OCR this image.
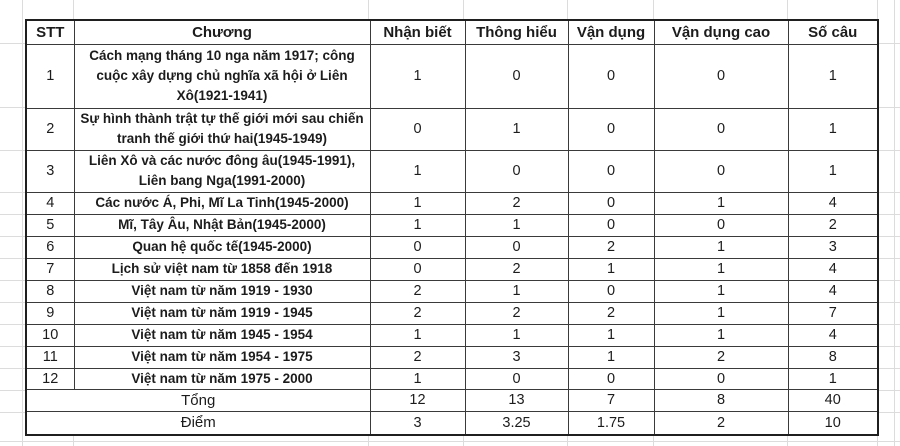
STT	Chương	Nhận biết	Thông hiểu	Vận dụng	Vận dụng cao	Số câu
1	Cách mạng tháng 10 nga năm 1917; công cuộc xây dựng chủ nghĩa xã hội ở Liên Xô(1921-1941)	1	0	0	0	1
2	Sự hình thành trật tự thế giới mới sau chiến tranh thế giới thứ hai(1945-1949)	0	1	0	0	1
3	Liên Xô và các nước đông âu(1945-1991), Liên bang Nga(1991-2000)	1	0	0	0	1
4	Các nước Á, Phi, Mĩ La Tinh(1945-2000)	1	2	0	1	4
5	Mĩ, Tây Âu, Nhật Bản(1945-2000)	1	1	0	0	2
6	Quan hệ quốc tế(1945-2000)	0	0	2	1	3
7	Lịch sử việt nam từ 1858 đến 1918	0	2	1	1	4
8	Việt nam từ năm 1919 - 1930	2	1	0	1	4
9	Việt nam từ năm 1919 - 1945	2	2	2	1	7
10	Việt nam từ năm 1945 - 1954	1	1	1	1	4
11	Việt nam từ năm 1954 - 1975	2	3	1	2	8
12	Việt nam từ năm 1975 - 2000	1	0	0	0	1
Tổng		12	13	7	8	40
Điểm		3	3.25	1.75	2	10
